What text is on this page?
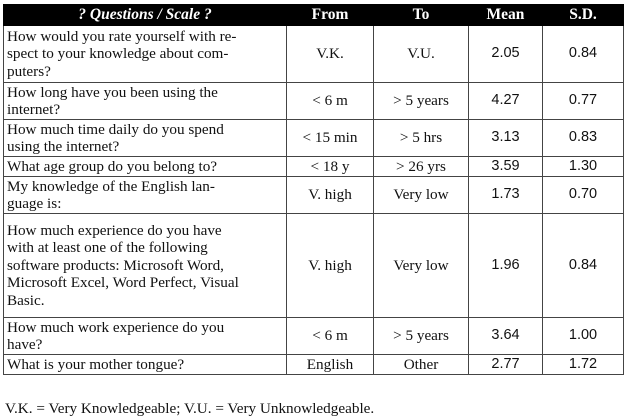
? Questions / Scale ?	From	To	Mean	S.D.

How would you rate yourself with re-
spect to your knowledge about com-
puters?	V.K.	V.U.	2.05	0.84

How long have you been using the
internet?	< 6 m	> 5 years	4.27	0.77

How much time daily do you spend
using the internet?	< 15 min	> 5 hrs	3.13	0.83

What age group do you belong to?	< 18 y	> 26 yrs	3.59	1.30

My knowledge of the English lan-
guage is:	V. high	Very low	1.73	0.70

How much experience do you have
with at least one of the following
software products: Microsoft Word,
Microsoft Excel, Word Perfect, Visual
Basic.	V. high	Very low	1.96	0.84

How much work experience do you
have?	< 6 m	> 5 years	3.64	1.00

What is your mother tongue?	English	Other	2.77	1.72
V.K. = Very Knowledgeable; V.U. = Very Unknowledgeable.
